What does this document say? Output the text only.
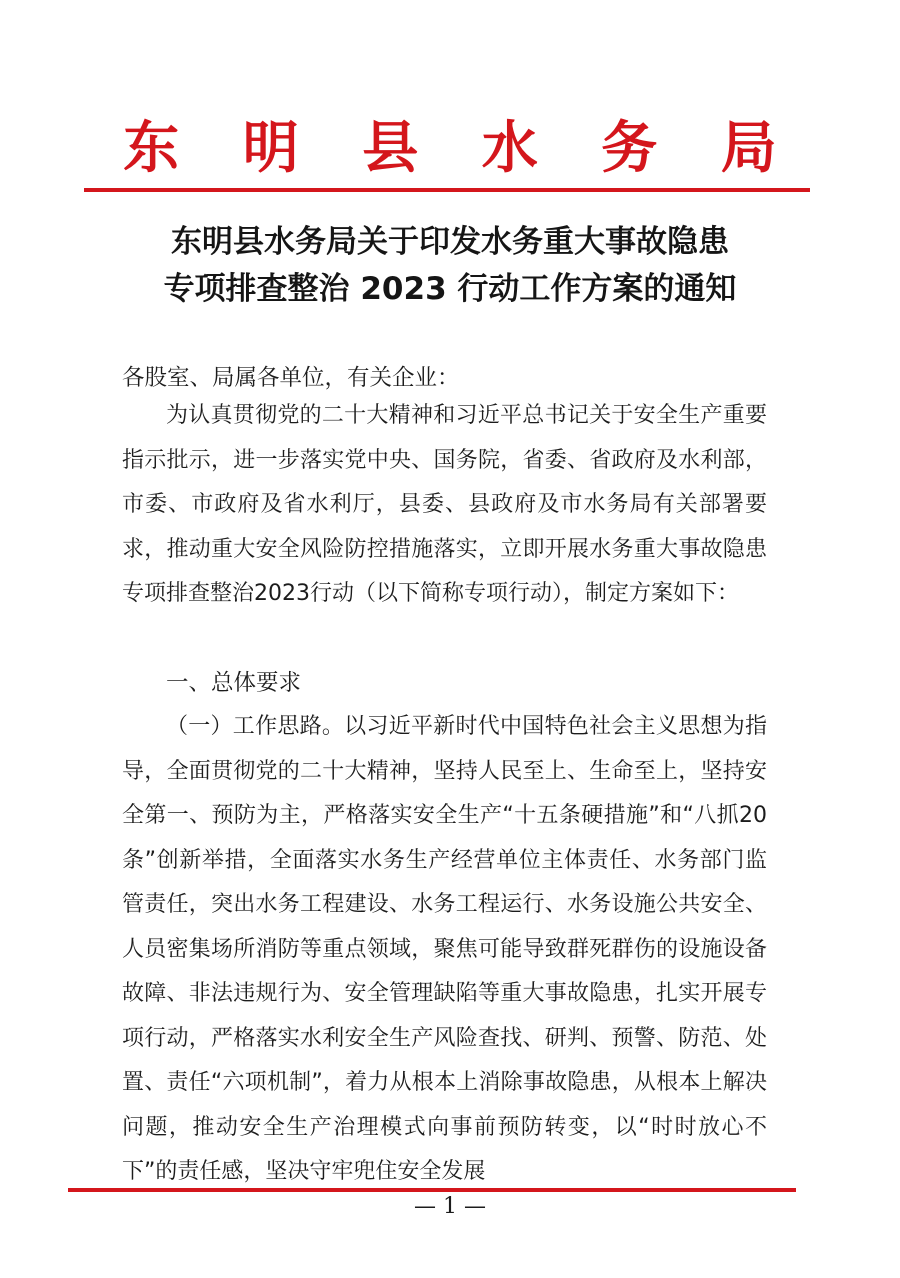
东 明 县 水 务 局
东明县水务局关于印发水务重大事故隐患
专项排查整治 2023 行动工作方案的通知
各股室、局属各单位，有关企业：
为认真贯彻党的二十大精神和习近平总书记关于安全生产重要指示批示，进一步落实党中央、国务院，省委、省政府及水利部，市委、市政府及省水利厅，县委、县政府及市水务局有关部署要求，推动重大安全风险防控措施落实，立即开展水务重大事故隐患专项排查整治2023行动（以下简称专项行动），制定方案如下：
一、总体要求
（一）工作思路。以习近平新时代中国特色社会主义思想为指导，全面贯彻党的二十大精神，坚持人民至上、生命至上，坚持安全第一、预防为主，严格落实安全生产“十五条硬措施”和“八抓20条”创新举措，全面落实水务生产经营单位主体责任、水务部门监管责任，突出水务工程建设、水务工程运行、水务设施公共安全、人员密集场所消防等重点领域，聚焦可能导致群死群伤的设施设备故障、非法违规行为、安全管理缺陷等重大事故隐患，扎实开展专项行动，严格落实水利安全生产风险查找、研判、预警、防范、处置、责任“六项机制”，着力从根本上消除事故隐患，从根本上解决问题，推动安全生产治理模式向事前预防转变，以“时时放心不下”的责任感，坚决守牢兜住安全发展
— 1 —
